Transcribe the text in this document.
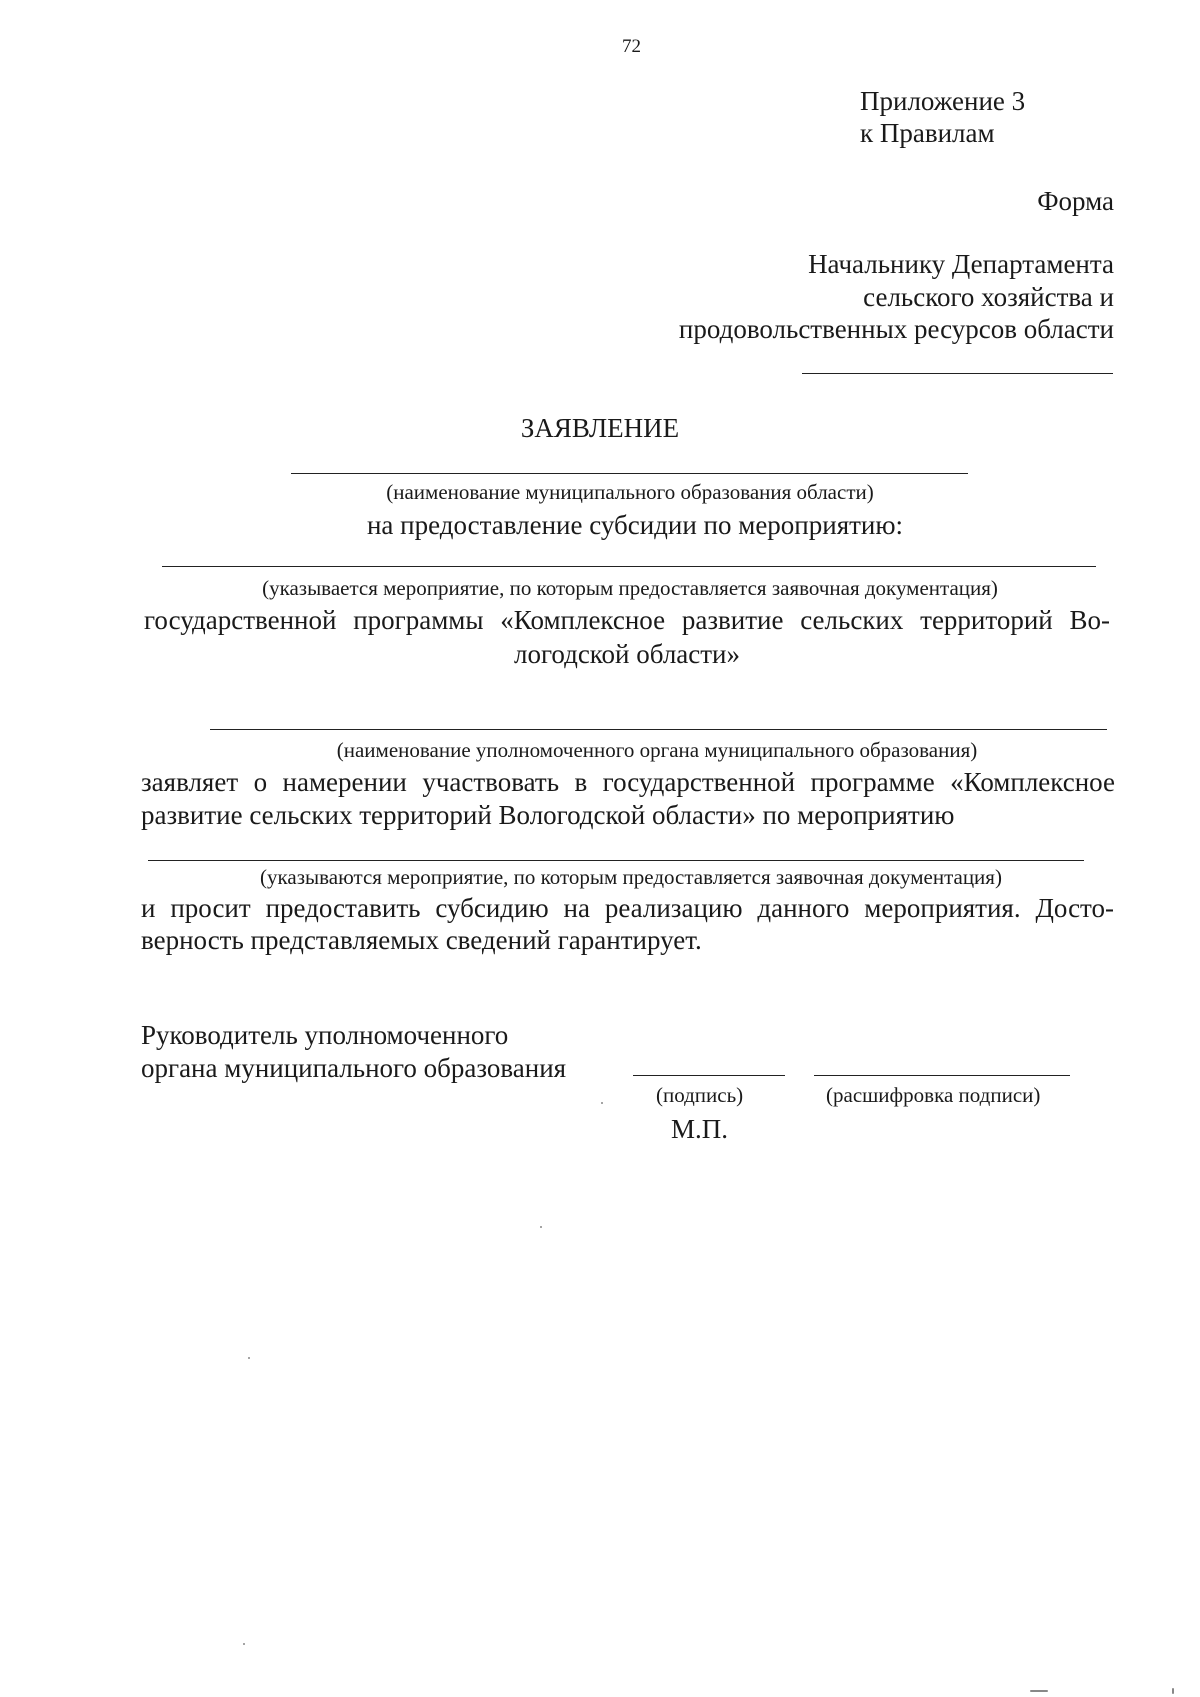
72
Приложение 3
к Правилам
Форма
Начальнику Департамента
сельского хозяйства и
продовольственных ресурсов области
ЗАЯВЛЕНИЕ
(наименование муниципального образования области)
на предоставление субсидии по мероприятию:
(указывается мероприятие, по которым предоставляется заявочная документация)
государственной программы «Комплексное развитие сельских территорий Во-
логодской области»
(наименование уполномоченного органа муниципального образования)
заявляет о намерении участвовать в государственной программе «Комплексное
развитие сельских территорий Вологодской области» по мероприятию
(указываются мероприятие, по которым предоставляется заявочная документация)
и просит предоставить субсидию на реализацию данного мероприятия. Досто-
верность представляемых сведений гарантирует.
Руководитель уполномоченного
органа муниципального образования
(подпись)	(расшифровка подписи)
М.П.
